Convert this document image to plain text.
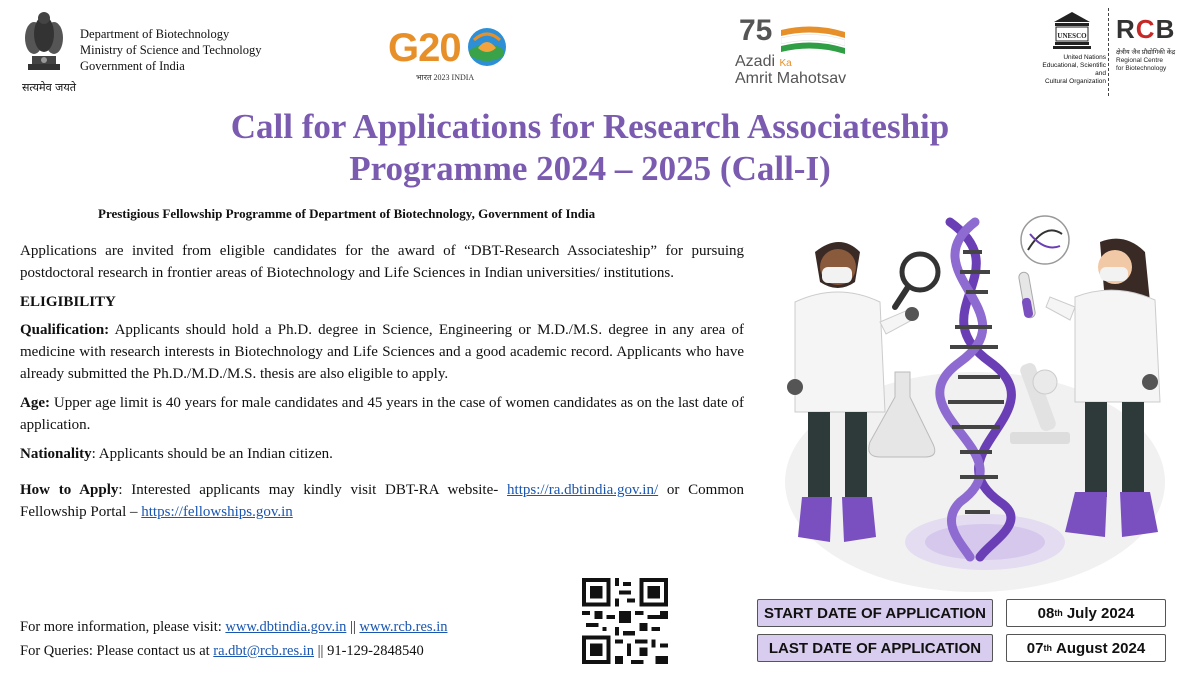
सत्यमेव जयते
Department of Biotechnology
Ministry of Science and Technology
Government of India	G20
भारत 2023 INDIA
75
Azadi Ka
Amrit Mahotsav
UNESCO
United Nations
Educational, Scientific and
Cultural Organization
RCB
क्षेत्रीय जैव प्रौद्योगिकी केंद्र
Regional Centre
for Biotechnology
Call for Applications for Research Associateship
Programme 2024 – 2025 (Call-I)
Prestigious Fellowship Programme of Department of Biotechnology, Government of India

Applications are invited from eligible candidates for the award of “DBT-Research Associateship” for pursuing postdoctoral research in frontier areas of Biotechnology and Life Sciences in Indian universities/ institutions.

ELIGIBILITY

Qualification: Applicants should hold a Ph.D. degree in Science, Engineering or M.D./M.S. degree in any area of medicine with research interests in Biotechnology and Life Sciences and a good academic record. Applicants who have already submitted the Ph.D./M.D./M.S. thesis are also eligible to apply.

Age: Upper age limit is 40 years for male candidates and 45 years in the case of women candidates as on the last date of application.

Nationality: Applicants should be an Indian citizen.

How to Apply: Interested applicants may kindly visit DBT-RA website- https://ra.dbtindia.gov.in/ or Common Fellowship Portal – https://fellowships.gov.in

For more information, please visit: www.dbtindia.gov.in || www.rcb.res.in
For Queries: Please contact us at ra.dbt@rcb.res.in || 91-129-2848540
START DATE OF APPLICATION	08 th July 2024
LAST DATE OF APPLICATION	07 th August 2024
